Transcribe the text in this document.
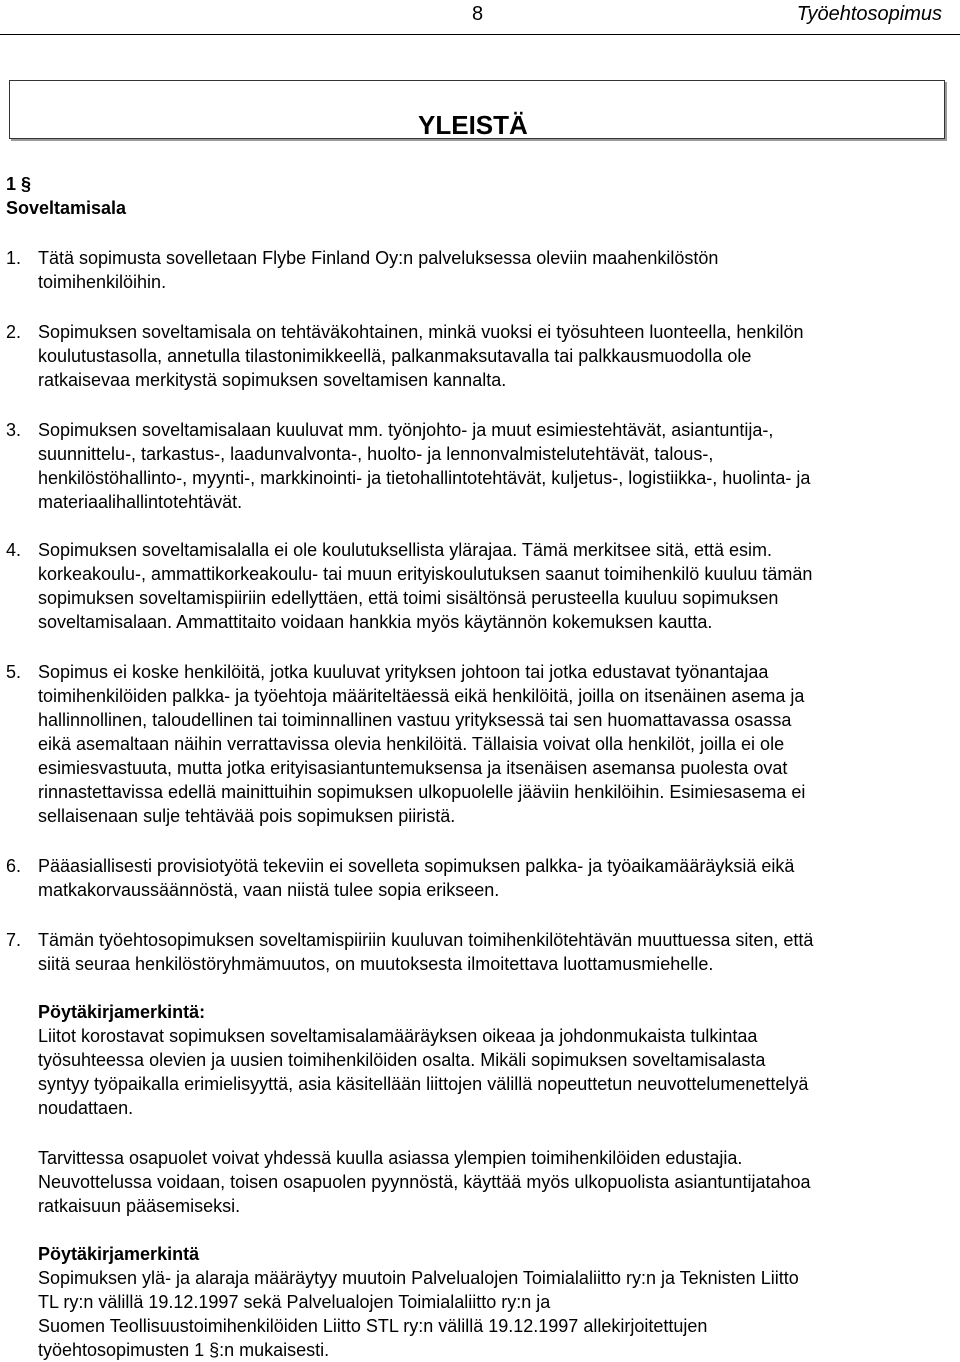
8	Työehtosopimus
YLEISTÄ
1 §
Soveltamisala
1. Tätä sopimusta sovelletaan Flybe Finland Oy:n palveluksessa oleviin maahenkilöstön
toimihenkilöihin.
2. Sopimuksen soveltamisala on tehtäväkohtainen, minkä vuoksi ei työsuhteen luonteella, henkilön
koulutustasolla, annetulla tilastonimikkeellä, palkanmaksutavalla tai palkkausmuodolla ole
ratkaisevaa merkitystä sopimuksen soveltamisen kannalta.
3. Sopimuksen soveltamisalaan kuuluvat mm. työnjohto- ja muut esimiestehtävät, asiantuntija-,
suunnittelu-, tarkastus-, laadunvalvonta-, huolto- ja lennonvalmistelutehtävät, talous-,
henkilöstöhallinto-, myynti-, markkinointi- ja tietohallintotehtävät, kuljetus-, logistiikka-, huolinta- ja
materiaalihallintotehtävät.
4. Sopimuksen soveltamisalalla ei ole koulutuksellista ylärajaa. Tämä merkitsee sitä, että esim.
korkeakoulu-, ammattikorkeakoulu- tai muun erityiskoulutuksen saanut toimihenkilö kuuluu tämän
sopimuksen soveltamispiiriin edellyttäen, että toimi sisältönsä perusteella kuuluu sopimuksen
soveltamisalaan. Ammattitaito voidaan hankkia myös käytännön kokemuksen kautta.
5. Sopimus ei koske henkilöitä, jotka kuuluvat yrityksen johtoon tai jotka edustavat työnantajaa
toimihenkilöiden palkka- ja työehtoja määriteltäessä eikä henkilöitä, joilla on itsenäinen asema ja
hallinnollinen, taloudellinen tai toiminnallinen vastuu yrityksessä tai sen huomattavassa osassa
eikä asemaltaan näihin verrattavissa olevia henkilöitä. Tällaisia voivat olla henkilöt, joilla ei ole
esimiesvastuuta, mutta jotka erityisasiantuntemuksensa ja itsenäisen asemansa puolesta ovat
rinnastettavissa edellä mainittuihin sopimuksen ulkopuolelle jääviin henkilöihin. Esimiesasema ei
sellaisenaan sulje tehtävää pois sopimuksen piiristä.
6. Pääasiallisesti provisiotyötä tekeviin ei sovelleta sopimuksen palkka- ja työaikamääräyksiä eikä
matkakorvaussäännöstä, vaan niistä tulee sopia erikseen.
7. Tämän työehtosopimuksen soveltamispiiriin kuuluvan toimihenkilötehtävän muuttuessa siten, että
siitä seuraa henkilöstöryhmämuutos, on muutoksesta ilmoitettava luottamusmiehelle.
Pöytäkirjamerkintä:
Liitot korostavat sopimuksen soveltamisalamääräyksen oikeaa ja johdonmukaista tulkintaa
työsuhteessa olevien ja uusien toimihenkilöiden osalta. Mikäli sopimuksen soveltamisalasta
syntyy työpaikalla erimielisyyttä, asia käsitellään liittojen välillä nopeuttetun neuvottelumenettelyä
noudattaen.
Tarvittessa osapuolet voivat yhdessä kuulla asiassa ylempien toimihenkilöiden edustajia.
Neuvottelussa voidaan, toisen osapuolen pyynnöstä, käyttää myös ulkopuolista asiantuntijatahoa
ratkaisuun pääsemiseksi.
Pöytäkirjamerkintä
Sopimuksen ylä- ja alaraja määräytyy muutoin Palvelualojen Toimialaliitto ry:n ja Teknisten Liitto
TL ry:n välillä 19.12.1997 sekä Palvelualojen Toimialaliitto ry:n ja
Suomen Teollisuustoimihenkilöiden Liitto STL ry:n välillä 19.12.1997 allekirjoitettujen
työehtosopimusten 1 §:n mukaisesti.
